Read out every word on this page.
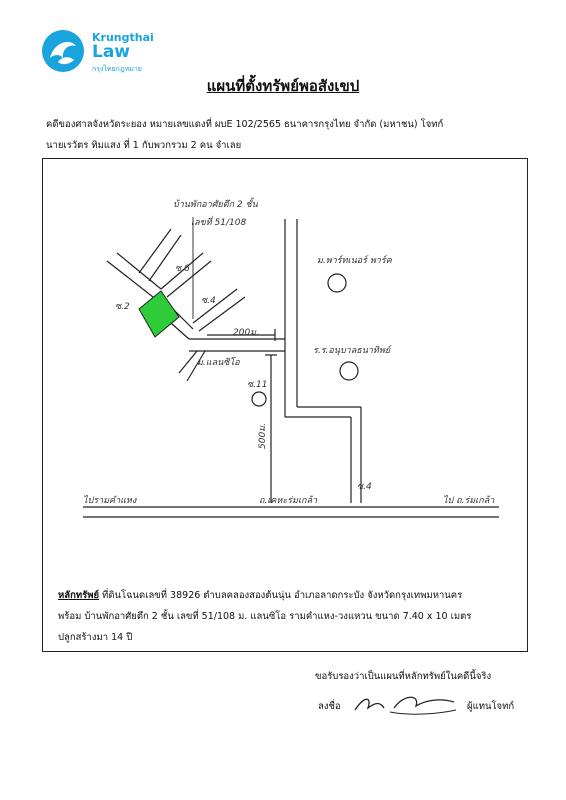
Krungthai
Law
กรุงไทยกฎหมาย
แผนที่ตั้งทรัพย์พอสังเขป
คดีของศาลจังหวัดระยอง หมายเลขแดงที่ ผบE 102/2565 ธนาคารกรุงไทย จำกัด (มหาชน) โจทก์
นายเรวัตร ทิมแสง ที่ 1 กับพวกรวม 2 คน จำเลย
บ้านพักอาศัยตึก 2 ชั้น
เลขที่ 51/108
ม.พาร์ทเนอร์ พาร์ค
ร.ร.อนุบาลธนาทิพย์
ม.แลนซิโอ
ซ.2
ซ.6
ซ.4
ซ.11
ซ.4
200ม.
500ม.
ไปรามคำแหง	ถ.เคหะร่มเกล้า	ไป ถ.ร่มเกล้า
หลักทรัพย์ ที่ดินโฉนดเลขที่ 38926 ตำบลคลองสองต้นนุ่น อำเภอลาดกระบัง จังหวัดกรุงเทพมหานคร
พร้อม บ้านพักอาศัยตึก 2 ชั้น เลขที่ 51/108 ม. แลนซิโอ รามคำแหง-วงแหวน ขนาด 7.40 x 10 เมตร
ปลูกสร้างมา 14 ปี
ขอรับรองว่าเป็นแผนที่หลักทรัพย์ในคดีนี้จริง
ลงชื่อ	ผู้แทนโจทก์
